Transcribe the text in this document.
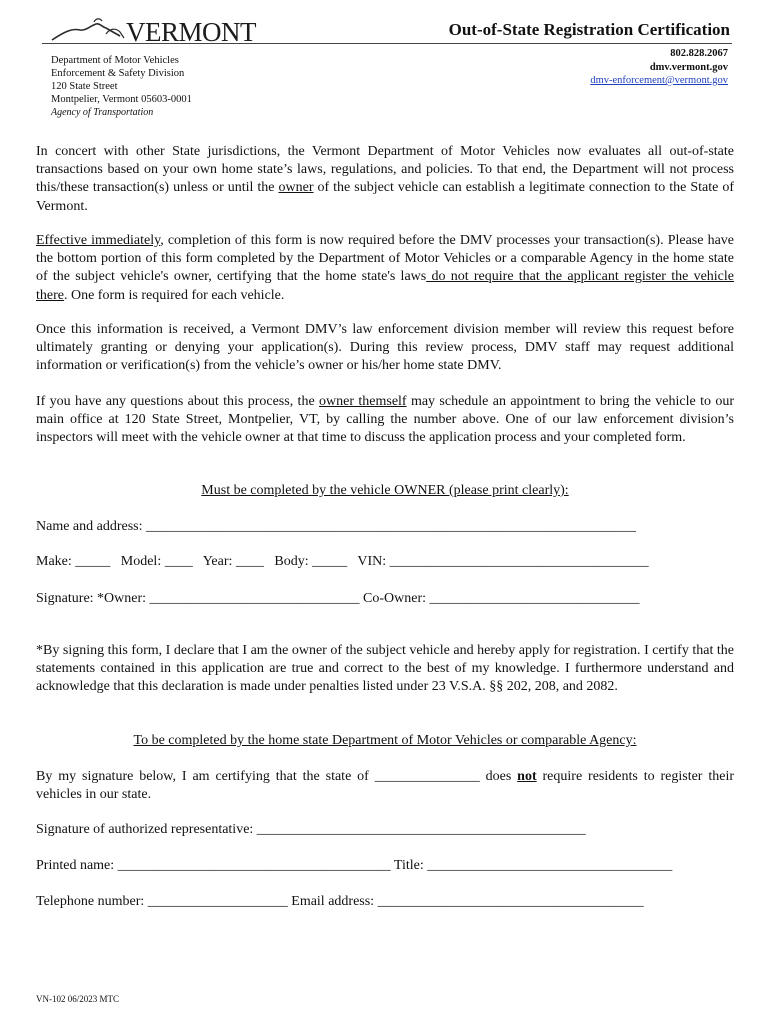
VERMONT	Out-of-State Registration Certification
Department of Motor Vehicles
Enforcement & Safety Division
120 State Street
Montpelier, Vermont 05603-0001
Agency of Transportation
802.828.2067
dmv.vermont.gov
dmv-enforcement@vermont.gov
In concert with other State jurisdictions, the Vermont Department of Motor Vehicles now evaluates all out-of-state transactions based on your own home state’s laws, regulations, and policies. To that end, the Department will not process this/these transaction(s) unless or until the owner of the subject vehicle can establish a legitimate connection to the State of Vermont.
Effective immediately, completion of this form is now required before the DMV processes your transaction(s). Please have the bottom portion of this form completed by the Department of Motor Vehicles or a comparable Agency in the home state of the subject vehicle's owner, certifying that the home state's laws do not require that the applicant register the vehicle there. One form is required for each vehicle.
Once this information is received, a Vermont DMV’s law enforcement division member will review this request before ultimately granting or denying your application(s). During this review process, DMV staff may request additional information or verification(s) from the vehicle’s owner or his/her home state DMV.
If you have any questions about this process, the owner themself may schedule an appointment to bring the vehicle to our main office at 120 State Street, Montpelier, VT, by calling the number above. One of our law enforcement division’s inspectors will meet with the vehicle owner at that time to discuss the application process and your completed form.
Must be completed by the vehicle OWNER (please print clearly):
Name and address: ______________________________________________________________________
Make: _____   Model: ____   Year: ____   Body: _____   VIN: _____________________________________
Signature: *Owner: ______________________________ Co-Owner: ______________________________
*By signing this form, I declare that I am the owner of the subject vehicle and hereby apply for registration. I certify that the statements contained in this application are true and correct to the best of my knowledge. I furthermore understand and acknowledge that this declaration is made under penalties listed under 23 V.S.A. §§ 202, 208, and 2082.
To be completed by the home state Department of Motor Vehicles or comparable Agency:
By my signature below, I am certifying that the state of _______________ does not require residents to register their vehicles in our state.
Signature of authorized representative: _______________________________________________
Printed name: _______________________________________ Title: ___________________________________
Telephone number: ____________________ Email address: ______________________________________
VN-102 06/2023 MTC
